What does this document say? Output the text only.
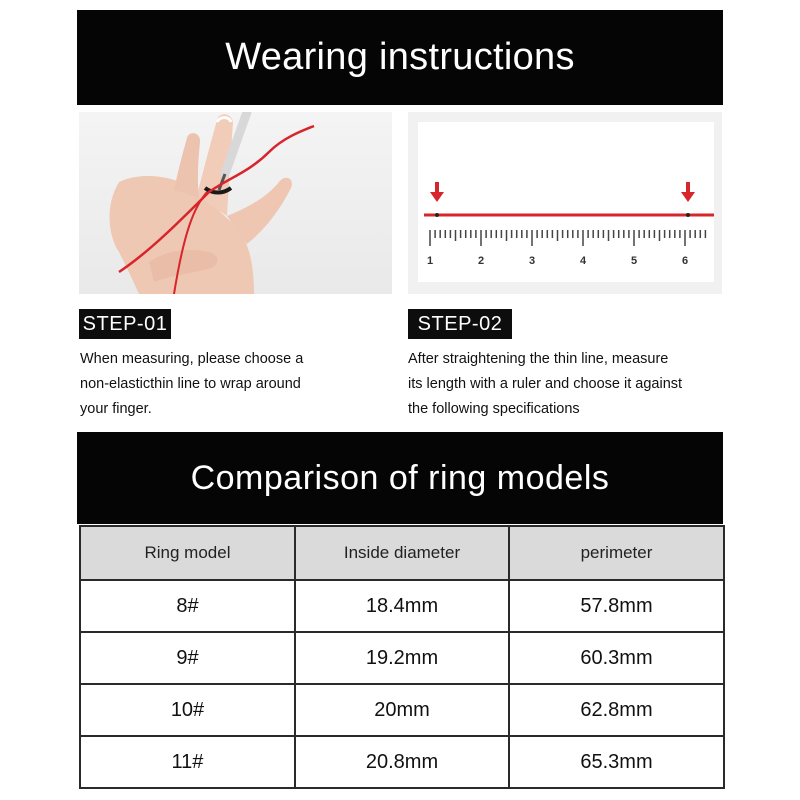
Wearing instructions
1	2	3	4	5	6
STEP-01	STEP-02
When measuring, please choose a
non-elasticthin line to wrap around
your finger.
After straightening the thin line, measure
its length with a ruler and choose it against
the following specifications
Comparison of ring models
Ring model	Inside diameter	perimeter
8#	18.4mm	57.8mm
9#	19.2mm	60.3mm
10#	20mm	62.8mm
11#	20.8mm	65.3mm
